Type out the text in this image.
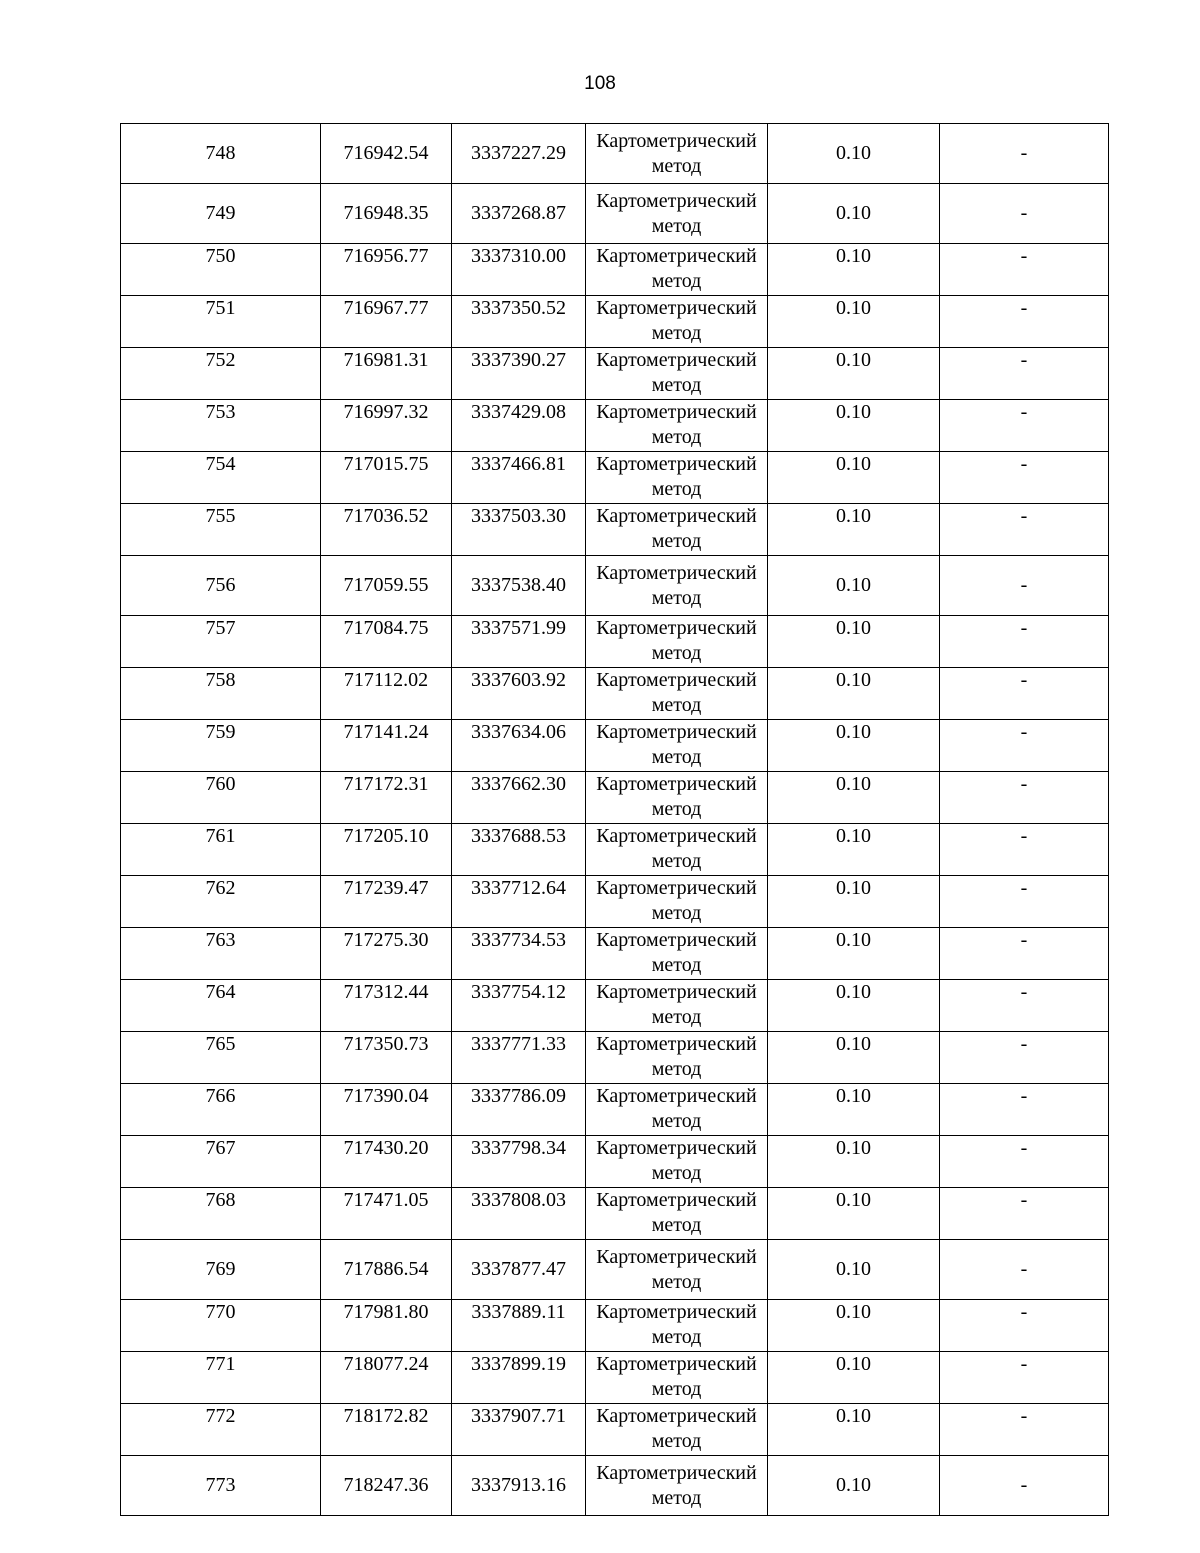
108
748	716942.54	3337227.29	Картометрический метод	0.10	-
749	716948.35	3337268.87	Картометрический метод	0.10	-
750	716956.77	3337310.00	Картометрический метод	0.10	-
751	716967.77	3337350.52	Картометрический метод	0.10	-
752	716981.31	3337390.27	Картометрический метод	0.10	-
753	716997.32	3337429.08	Картометрический метод	0.10	-
754	717015.75	3337466.81	Картометрический метод	0.10	-
755	717036.52	3337503.30	Картометрический метод	0.10	-
756	717059.55	3337538.40	Картометрический метод	0.10	-
757	717084.75	3337571.99	Картометрический метод	0.10	-
758	717112.02	3337603.92	Картометрический метод	0.10	-
759	717141.24	3337634.06	Картометрический метод	0.10	-
760	717172.31	3337662.30	Картометрический метод	0.10	-
761	717205.10	3337688.53	Картометрический метод	0.10	-
762	717239.47	3337712.64	Картометрический метод	0.10	-
763	717275.30	3337734.53	Картометрический метод	0.10	-
764	717312.44	3337754.12	Картометрический метод	0.10	-
765	717350.73	3337771.33	Картометрический метод	0.10	-
766	717390.04	3337786.09	Картометрический метод	0.10	-
767	717430.20	3337798.34	Картометрический метод	0.10	-
768	717471.05	3337808.03	Картометрический метод	0.10	-
769	717886.54	3337877.47	Картометрический метод	0.10	-
770	717981.80	3337889.11	Картометрический метод	0.10	-
771	718077.24	3337899.19	Картометрический метод	0.10	-
772	718172.82	3337907.71	Картометрический метод	0.10	-
773	718247.36	3337913.16	Картометрический метод	0.10	-
